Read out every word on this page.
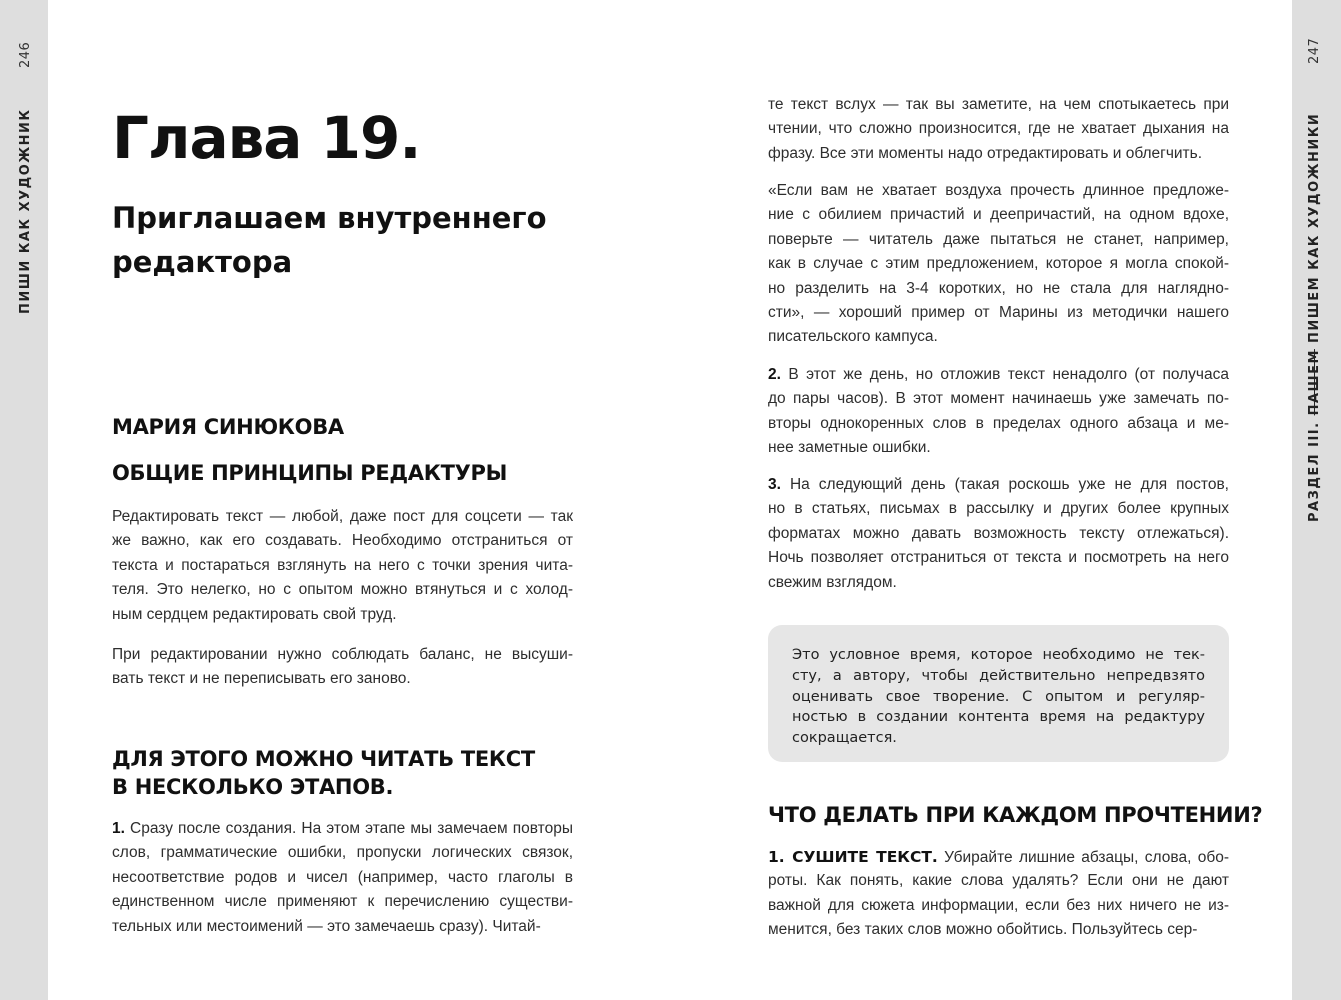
246
ПИШИ КАК ХУДОЖНИК
247
РАЗДЕЛ III. ПАШЕМ ПИШЕМ КАК ХУДОЖНИКИ
Глава 19.
Приглашаем внутреннего
редактора
МАРИЯ СИНЮКОВА
ОБЩИЕ ПРИНЦИПЫ РЕДАКТУРЫ
Редактировать текст — любой, даже пост для соцсети — так
же важно, как его создавать. Необходимо отстраниться от
текста и постараться взглянуть на него с точки зрения чита-
теля. Это нелегко, но с опытом можно втянуться и с холод-
ным сердцем редактировать свой труд.
При редактировании нужно соблюдать баланс, не высуши-
вать текст и не переписывать его заново.
ДЛЯ ЭТОГО МОЖНО ЧИТАТЬ ТЕКСТ
В НЕСКОЛЬКО ЭТАПОВ.
1. Сразу после создания. На этом этапе мы замечаем повторы
слов, грамматические ошибки, пропуски логических связок,
несоответствие родов и чисел (например, часто глаголы в
единственном числе применяют к перечислению существи-
тельных или местоимений — это замечаешь сразу). Читай-
те текст вслух — так вы заметите, на чем спотыкаетесь при
чтении, что сложно произносится, где не хватает дыхания на
фразу. Все эти моменты надо отредактировать и облегчить.
«Если вам не хватает воздуха прочесть длинное предложе-
ние с обилием причастий и деепричастий, на одном вдохе,
поверьте — читатель даже пытаться не станет, например,
как в случае с этим предложением, которое я могла спокой-
но разделить на 3-4 коротких, но не стала для наглядно-
сти», — хороший пример от Марины из методички нашего
писательского кампуса.
2. В этот же день, но отложив текст ненадолго (от получаса
до пары часов). В этот момент начинаешь уже замечать по-
вторы однокоренных слов в пределах одного абзаца и ме-
нее заметные ошибки.
3. На следующий день (такая роскошь уже не для постов,
но в статьях, письмах в рассылку и других более крупных
форматах можно давать возможность тексту отлежаться).
Ночь позволяет отстраниться от текста и посмотреть на него
свежим взглядом.
Это условное время, которое необходимо не тек-
сту, а автору, чтобы действительно непредвзято
оценивать свое творение. С опытом и регуляр-
ностью в создании контента время на редактуру
сокращается.
ЧТО ДЕЛАТЬ ПРИ КАЖДОМ ПРОЧТЕНИИ?
1. СУШИТЕ ТЕКСТ. Убирайте лишние абзацы, слова, обо-
роты. Как понять, какие слова удалять? Если они не дают
важной для сюжета информации, если без них ничего не из-
менится, без таких слов можно обойтись. Пользуйтесь сер-
